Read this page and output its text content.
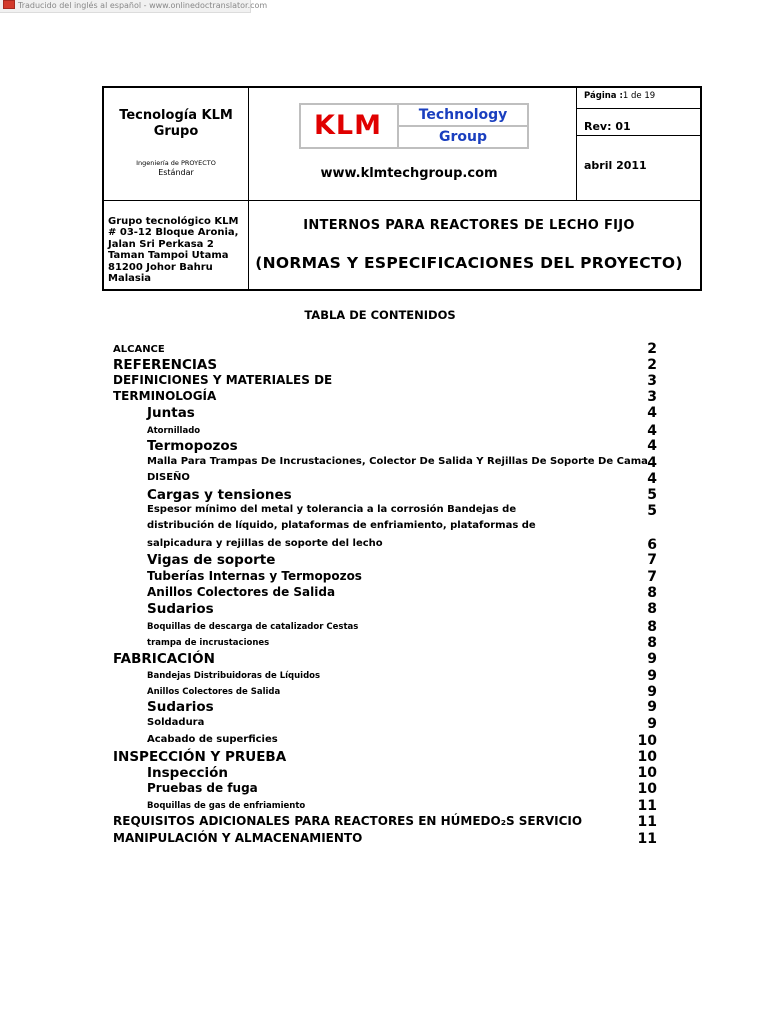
Traducido del inglés al español - www.onlinedoctranslator.com
Tecnología KLM
Grupo
Ingeniería de PROYECTO
Estándar
KLM	Technology
Group
www.klmtechgroup.com
Página :1 de 19
Rev: 01
abril 2011
Grupo tecnológico KLM
# 03-12 Bloque Aronia,
Jalan Sri Perkasa 2
Taman Tampoi Utama
81200 Johor Bahru
Malasia
INTERNOS PARA REACTORES DE LECHO FIJO
(NORMAS Y ESPECIFICACIONES DEL PROYECTO)
TABLA DE CONTENIDOS
ALCANCE	2
REFERENCIAS	2
DEFINICIONES Y MATERIALES DE	3
TERMINOLOGÍA	3
Juntas	4
Atornillado	4
Termopozos	4
Malla Para Trampas De Incrustaciones, Colector De Salida Y Rejillas De Soporte De Cama 4
DISEÑO	4
Cargas y tensiones	5
Espesor mínimo del metal y tolerancia a la corrosión Bandejas de	5
distribución de líquido, plataformas de enfriamiento, plataformas de
salpicadura y rejillas de soporte del lecho	6
Vigas de soporte	7
Tuberías Internas y Termopozos	7
Anillos Colectores de Salida	8
Sudarios	8
Boquillas de descarga de catalizador Cestas	8
trampa de incrustaciones	8
FABRICACIÓN	9
Bandejas Distribuidoras de Líquidos	9
Anillos Colectores de Salida	9
Sudarios	9
Soldadura	9
Acabado de superficies	10
INSPECCIÓN Y PRUEBA	10
Inspección	10
Pruebas de fuga	10
Boquillas de gas de enfriamiento	11
REQUISITOS ADICIONALES PARA REACTORES EN HÚMEDO₂S SERVICIO	11
MANIPULACIÓN Y ALMACENAMIENTO	11
